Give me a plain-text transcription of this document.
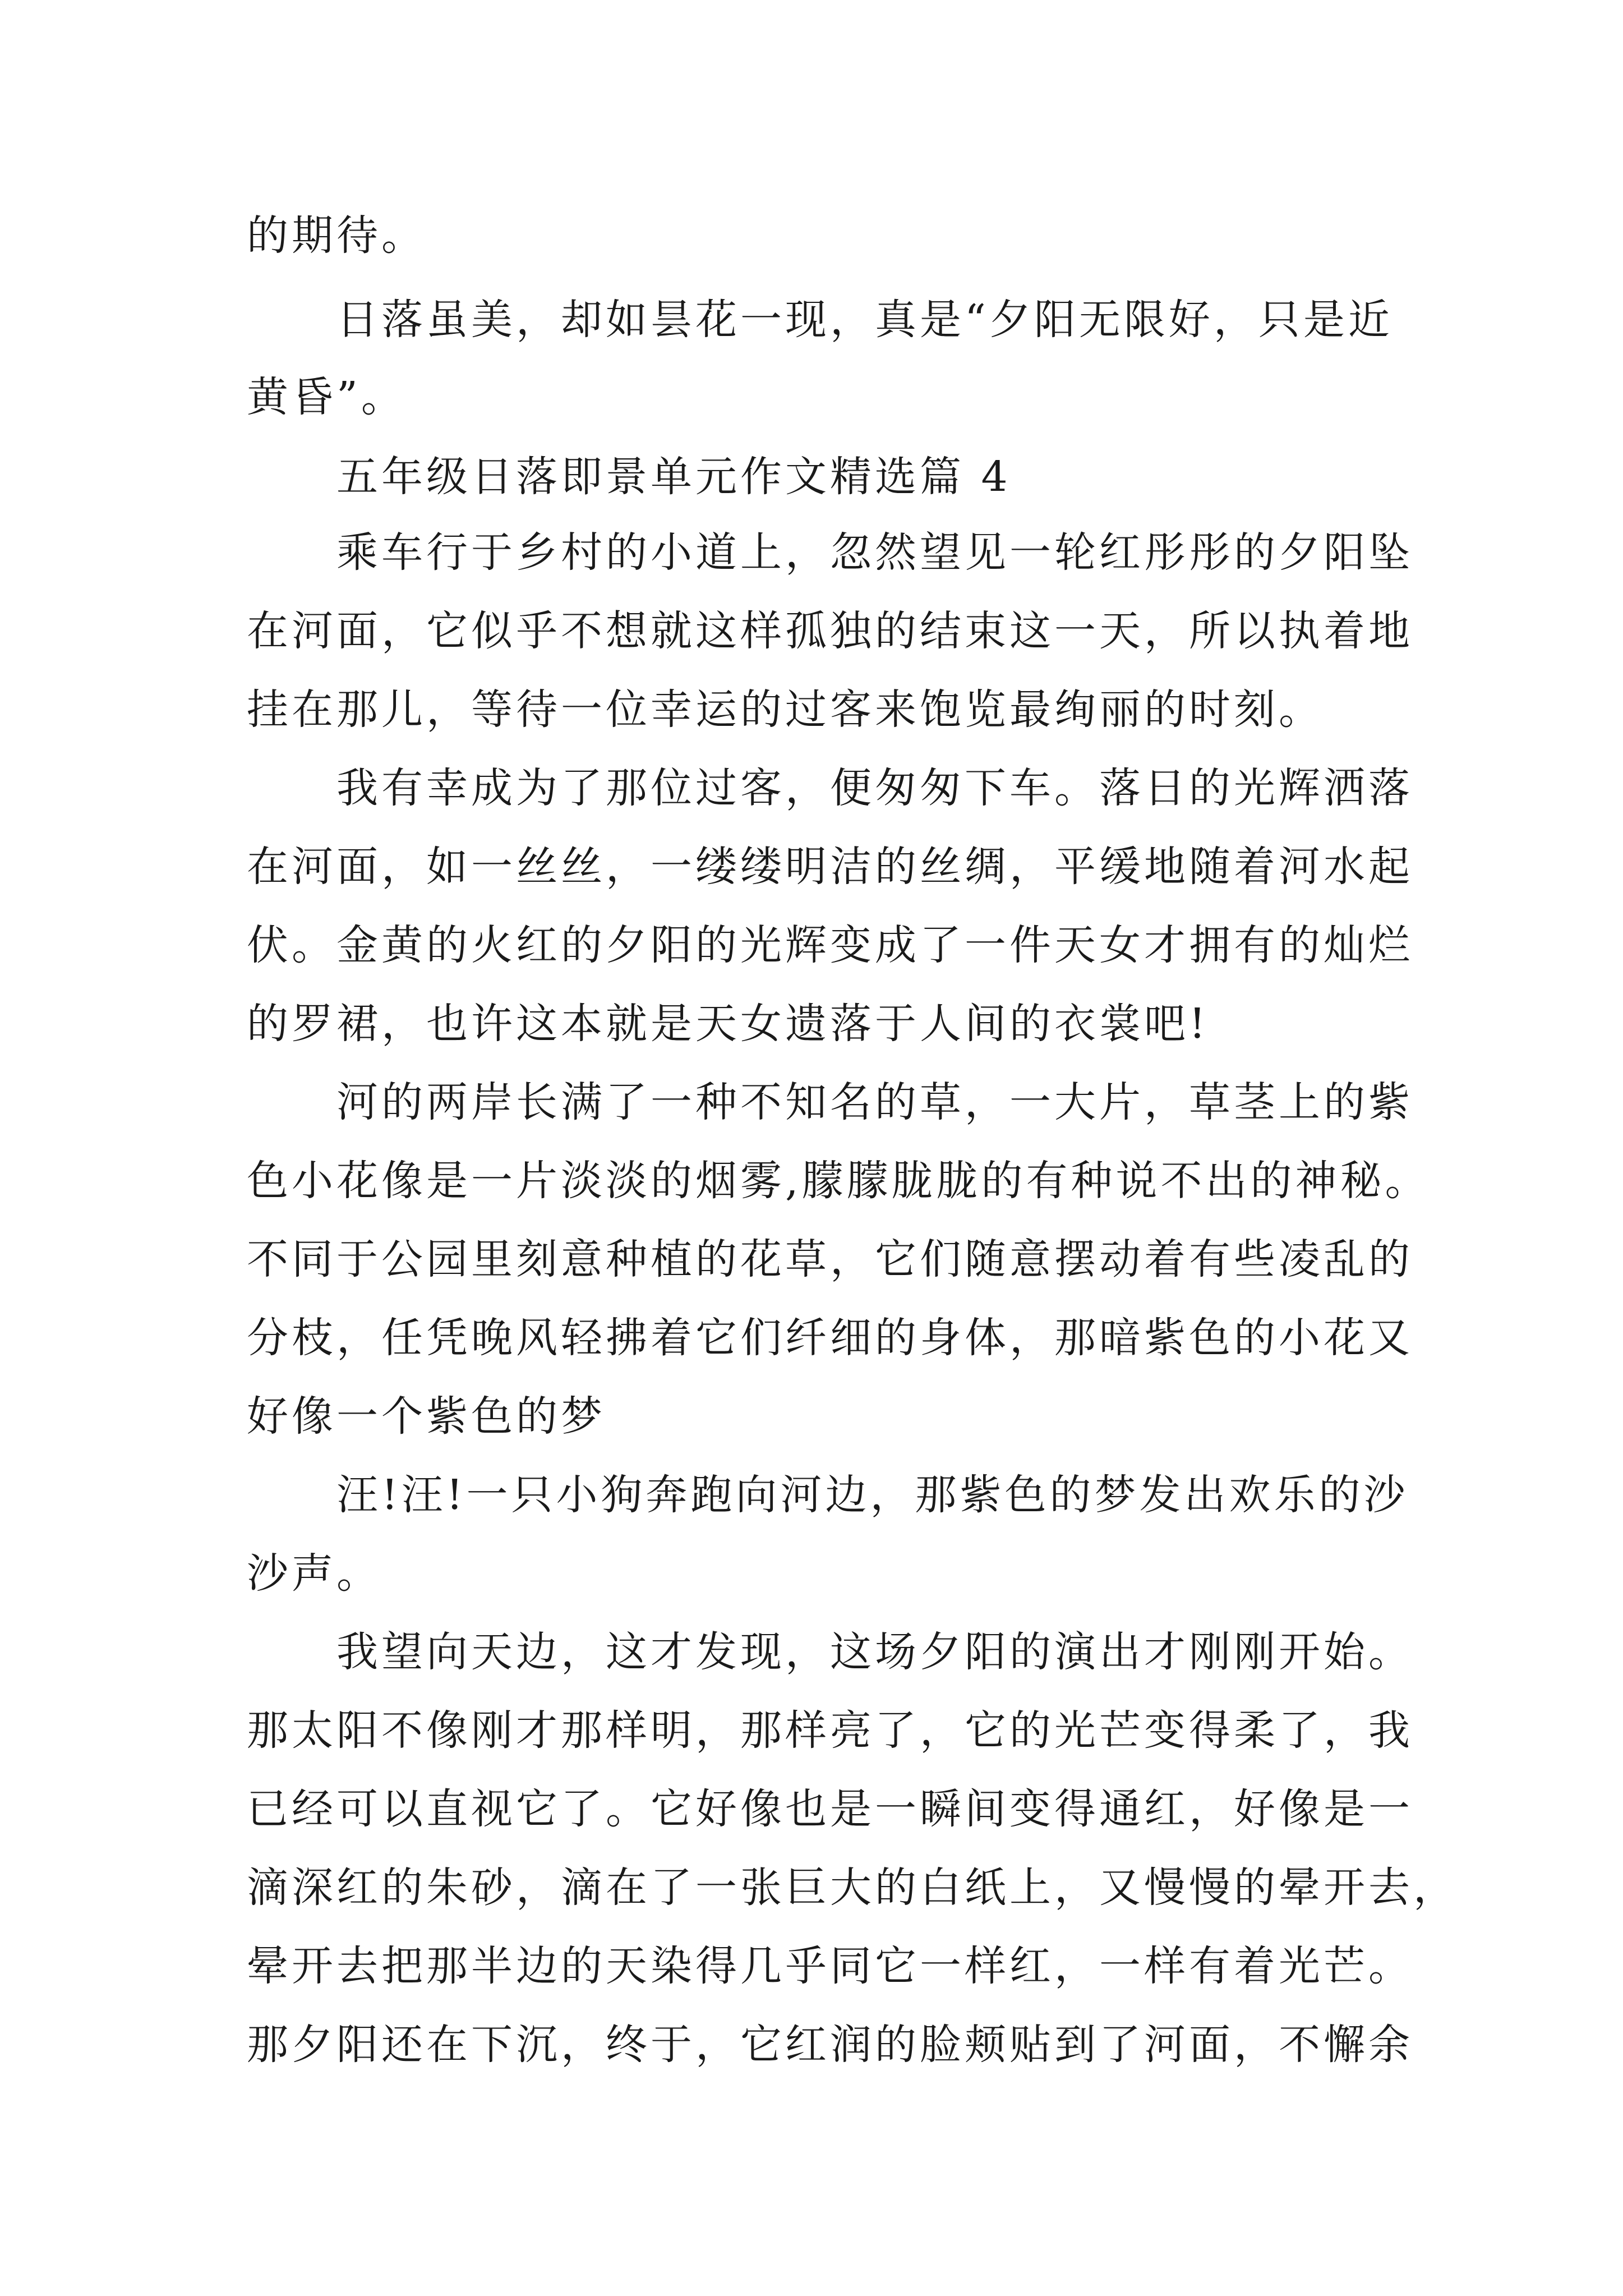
的期待。
日落虽美，却如昙花一现，真是“夕阳无限好，只是近
黄昏”。
五年级日落即景单元作文精选篇 4
乘车行于乡村的小道上，忽然望见一轮红彤彤的夕阳坠
在河面，它似乎不想就这样孤独的结束这一天，所以执着地
挂在那儿，等待一位幸运的过客来饱览最绚丽的时刻。
我有幸成为了那位过客，便匆匆下车。落日的光辉洒落
在河面，如一丝丝，一缕缕明洁的丝绸，平缓地随着河水起
伏。金黄的火红的夕阳的光辉变成了一件天女才拥有的灿烂
的罗裙，也许这本就是天女遗落于人间的衣裳吧!
河的两岸长满了一种不知名的草，一大片，草茎上的紫
色小花像是一片淡淡的烟雾,朦朦胧胧的有种说不出的神秘。
不同于公园里刻意种植的花草，它们随意摆动着有些凌乱的
分枝，任凭晚风轻拂着它们纤细的身体，那暗紫色的小花又
好像一个紫色的梦
汪!汪!一只小狗奔跑向河边，那紫色的梦发出欢乐的沙
沙声。
我望向天边，这才发现，这场夕阳的演出才刚刚开始。
那太阳不像刚才那样明，那样亮了，它的光芒变得柔了，我
已经可以直视它了。它好像也是一瞬间变得通红，好像是一
滴深红的朱砂，滴在了一张巨大的白纸上，又慢慢的晕开去，
晕开去把那半边的天染得几乎同它一样红，一样有着光芒。
那夕阳还在下沉，终于，它红润的脸颊贴到了河面，不懈余
